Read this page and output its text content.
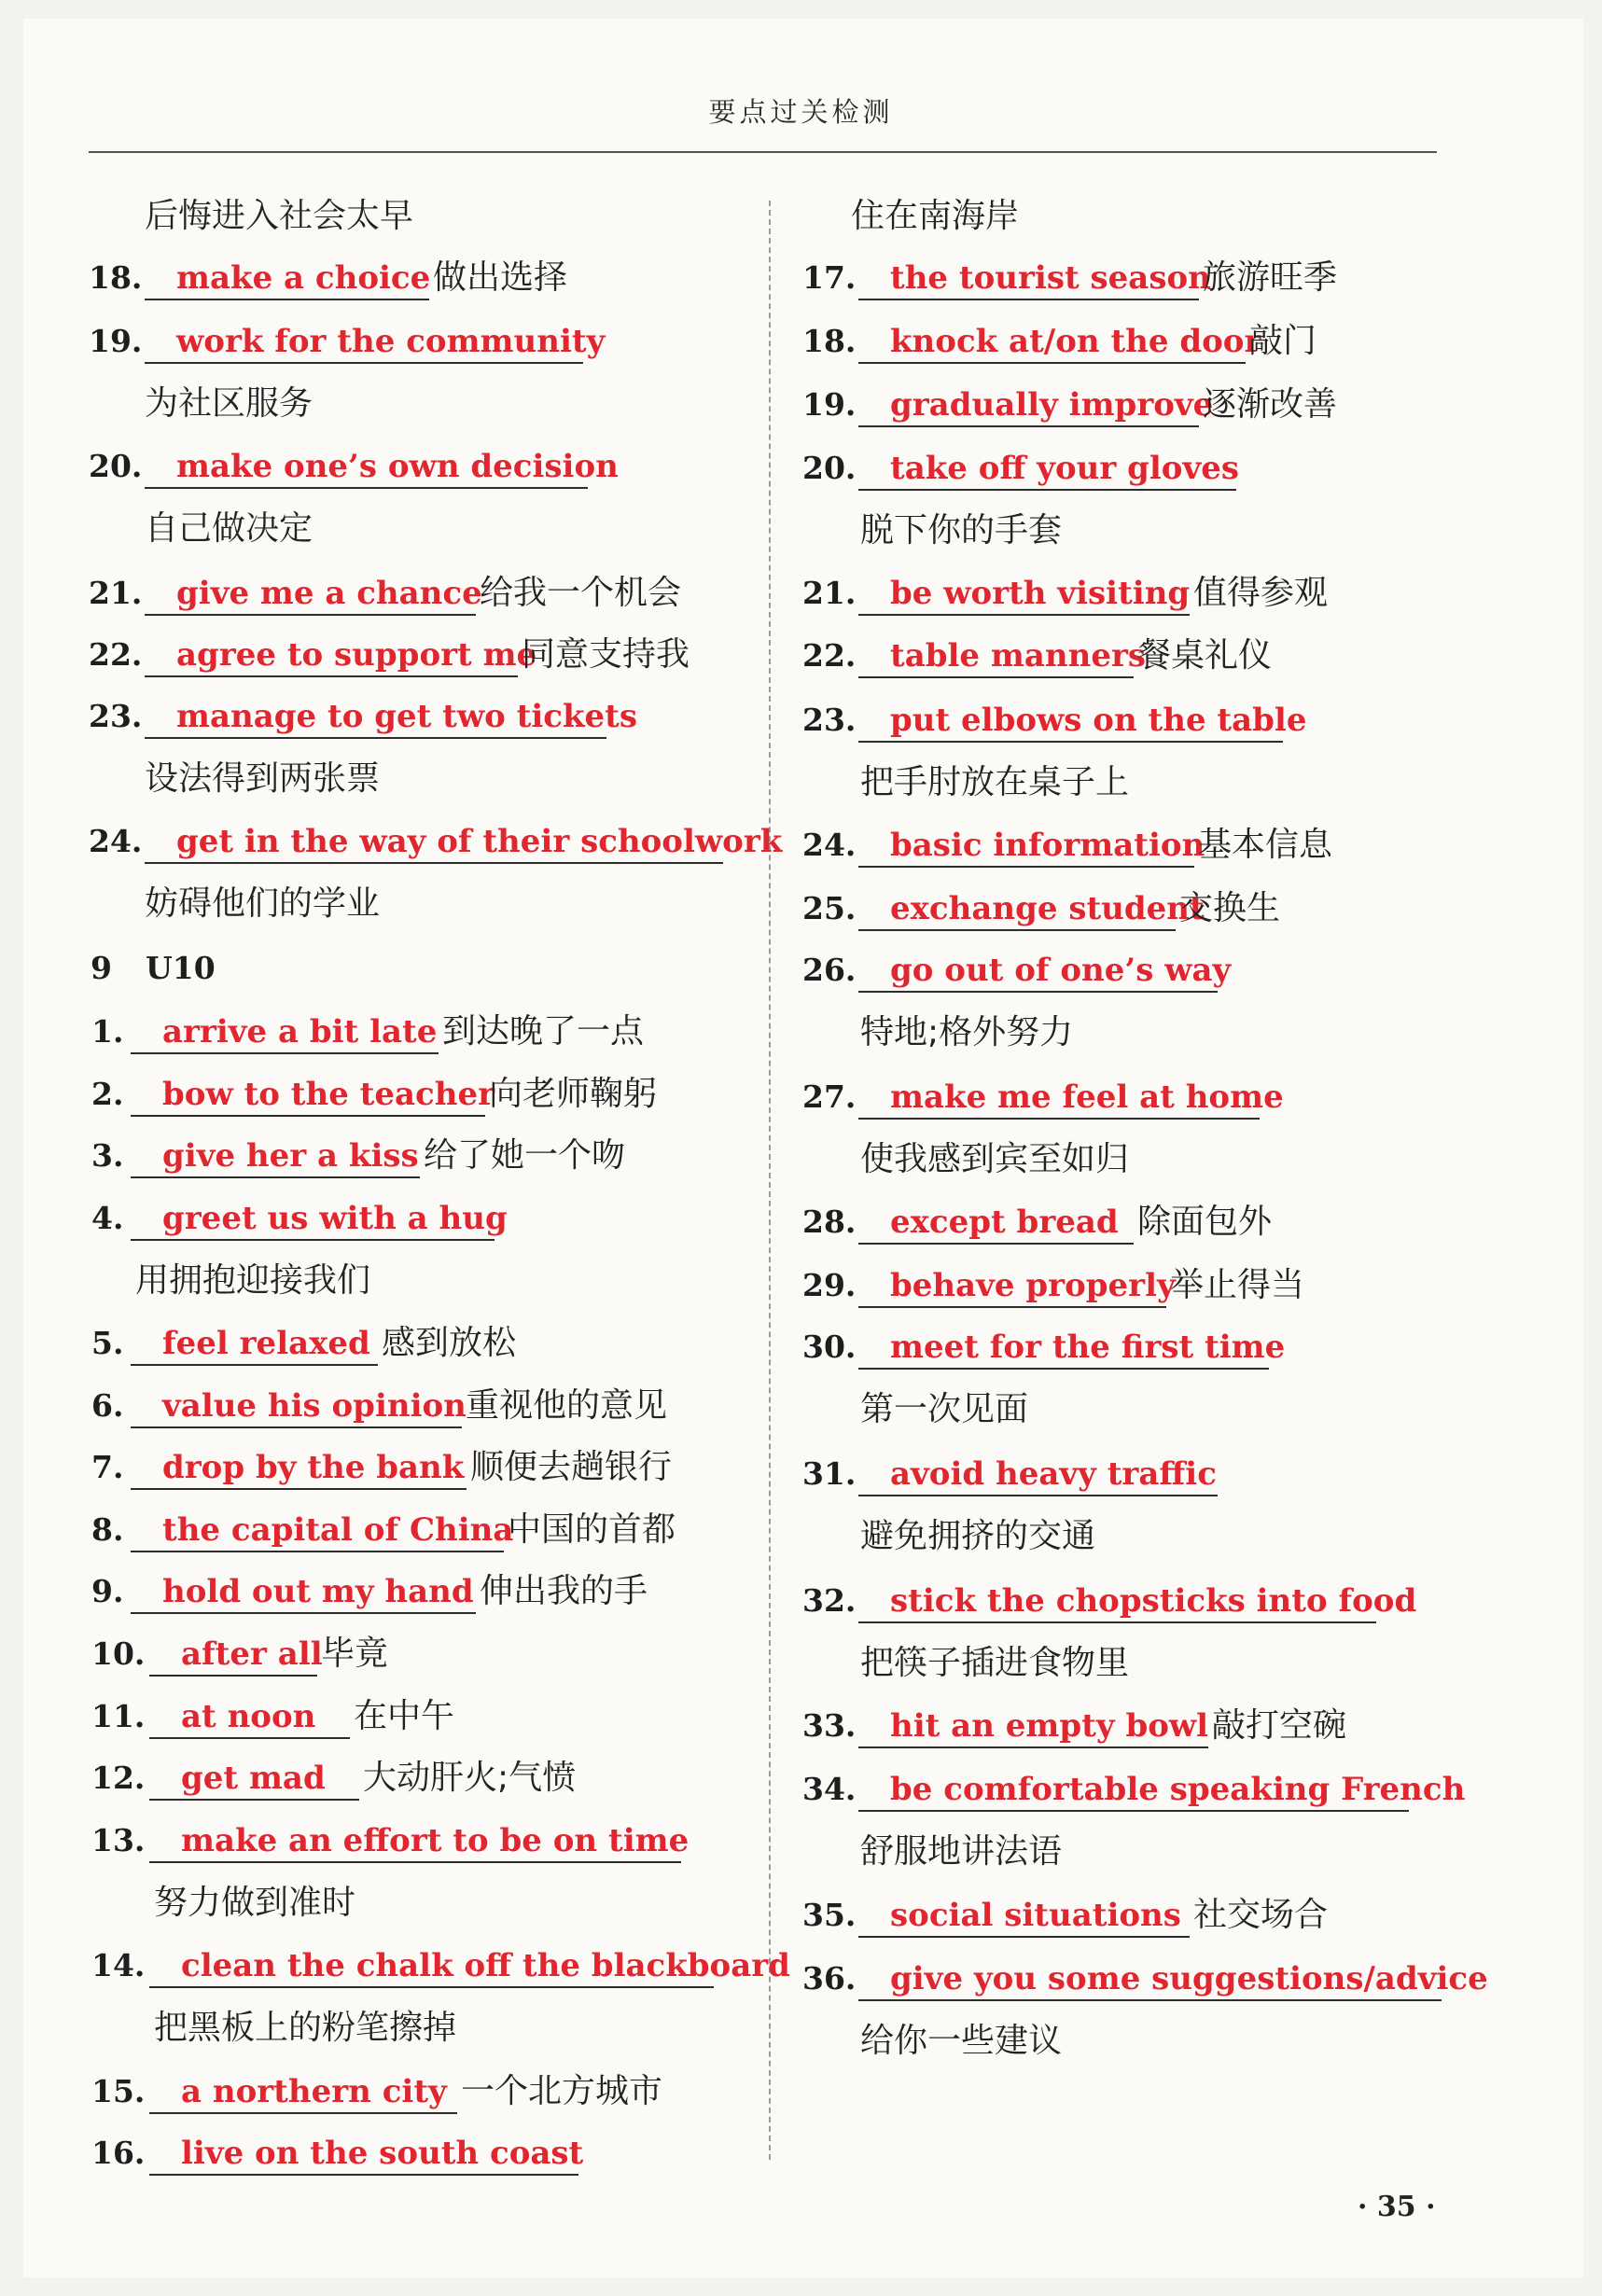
要点过关检测
后悔进入社会太早
18.	make a choice 做出选择
19.	work for the community
为社区服务
20.	make one’s own decision
自己做决定
21.	give me a chance
给我一个机会
22.	agree to support me
同意支持我
23.	manage to get two tickets
设法得到两张票
24.	get in the way of their schoolwork
妨碍他们的学业
9 U10
1.	arrive a bit late 到达晚了一点
2.	bow to the teacher
向老师鞠躬
3.	give her a kiss 给了她一个吻
4.	greet us with a hug
用拥抱迎接我们
5.	feel relaxed 感到放松
6.	value his opinion 重视他的意见
7.	drop by the bank 顺便去趟银行
8.	the capital of China
中国的首都
9.	hold out my hand 伸出我的手
10.	after all
毕竟
11.	at noon	在中午
12.	get mad	大动肝火;气愤
13.	make an effort to be on time
努力做到准时
14.	clean the chalk off the blackboard
把黑板上的粉笔擦掉
15.	a northern city 一个北方城市
16.	live on the south coast
住在南海岸
17.	the tourist season
旅游旺季
18.	knock at/on the door
敲门
19.	gradually improve
逐渐改善
20.	take off your gloves
脱下你的手套
21.	be worth visiting 值得参观
22.	table manners
餐桌礼仪
23.	put elbows on the table
把手肘放在桌子上
24.	basic information
基本信息
25.	exchange student
交换生
26.	go out of one’s way
特地;格外努力
27.	make me feel at home
使我感到宾至如归
28.	except bread 除面包外
29.	behave properly
举止得当
30.	meet for the first time
第一次见面
31.	avoid heavy traffic
避免拥挤的交通
32.	stick the chopsticks into food
把筷子插进食物里
33.	hit an empty bowl 敲打空碗
34.	be comfortable speaking French
舒服地讲法语
35.	social situations 社交场合
36.	give you some suggestions/advice
给你一些建议
· 35 ·
